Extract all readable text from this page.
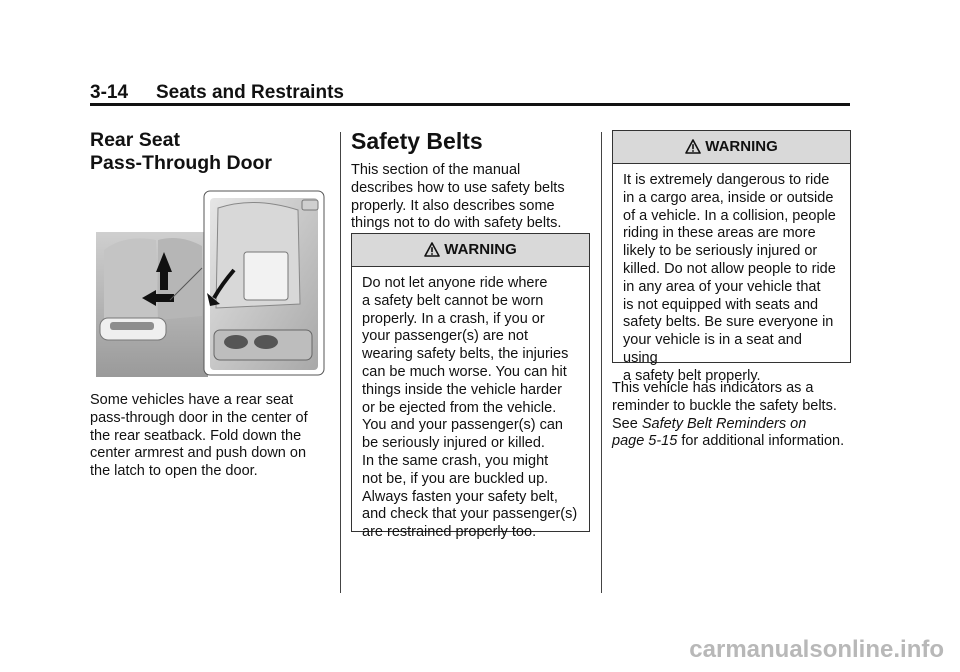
3-14 Seats and Restraints
Rear Seat
Pass-Through Door
Some vehicles have a rear seat
pass-through door in the center of
the rear seatback. Fold down the
center armrest and push down on
the latch to open the door.
Safety Belts
This section of the manual
describes how to use safety belts
properly. It also describes some
things not to do with safety belts.
WARNING
Do not let anyone ride where
a safety belt cannot be worn
properly. In a crash, if you or
your passenger(s) are not
wearing safety belts, the injuries
can be much worse. You can hit
things inside the vehicle harder
or be ejected from the vehicle.
You and your passenger(s) can
be seriously injured or killed.
In the same crash, you might
not be, if you are buckled up.
Always fasten your safety belt,
and check that your passenger(s)
are restrained properly too.
WARNING
It is extremely dangerous to ride
in a cargo area, inside or outside
of a vehicle. In a collision, people
riding in these areas are more
likely to be seriously injured or
killed. Do not allow people to ride
in any area of your vehicle that
is not equipped with seats and
safety belts. Be sure everyone in
your vehicle is in a seat and using
a safety belt properly.
This vehicle has indicators as a
reminder to buckle the safety belts.
See Safety Belt Reminders on
page 5-15 for additional information.
carmanualsonline.info
